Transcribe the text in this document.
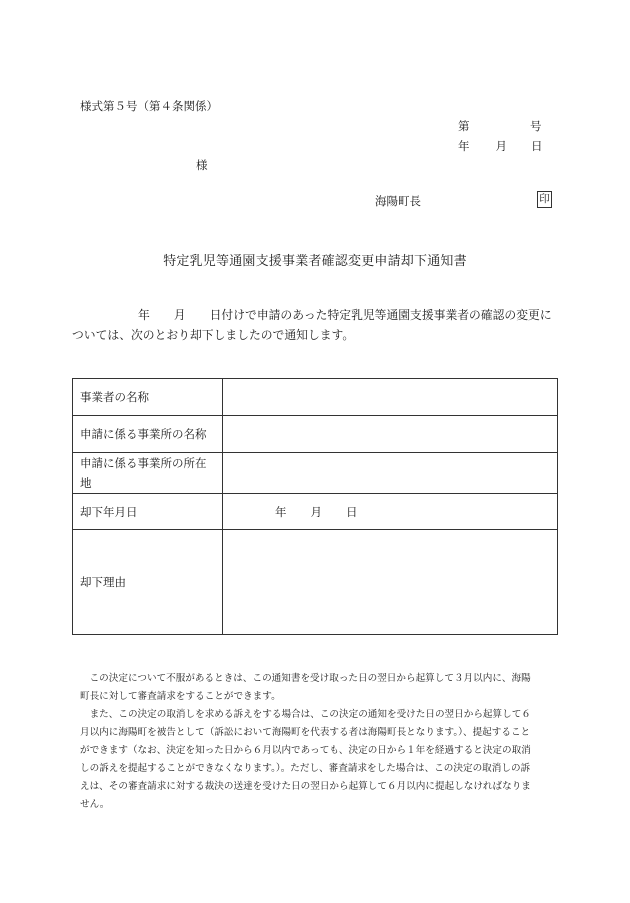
様式第５号（第４条関係）
第	号
年 月 日
様
海陽町長	印
特定乳児等通園支援事業者確認変更申請却下通知書
年 月 日付けで申請のあった特定乳児等通園支援事業者の確認の変更に
ついては、次のとおり却下しましたので通知します。
事業者の名称	
申請に係る事業所の名称	
申請に係る事業所の所在
地	
却下年月日	年 月 日
却下理由	
　この決定について不服があるときは、この通知書を受け取った日の翌日から起算して３月以内に、海陽
町長に対して審査請求をすることができます。
　また、この決定の取消しを求める訴えをする場合は、この決定の通知を受けた日の翌日から起算して６
月以内に海陽町を被告として（訴訟において海陽町を代表する者は海陽町長となります。）、提起すること
ができます（なお、決定を知った日から６月以内であっても、決定の日から１年を経過すると決定の取消
しの訴えを提起することができなくなります。）。ただし、審査請求をした場合は、この決定の取消しの訴
えは、その審査請求に対する裁決の送達を受けた日の翌日から起算して６月以内に提起しなければなりま
せん。
